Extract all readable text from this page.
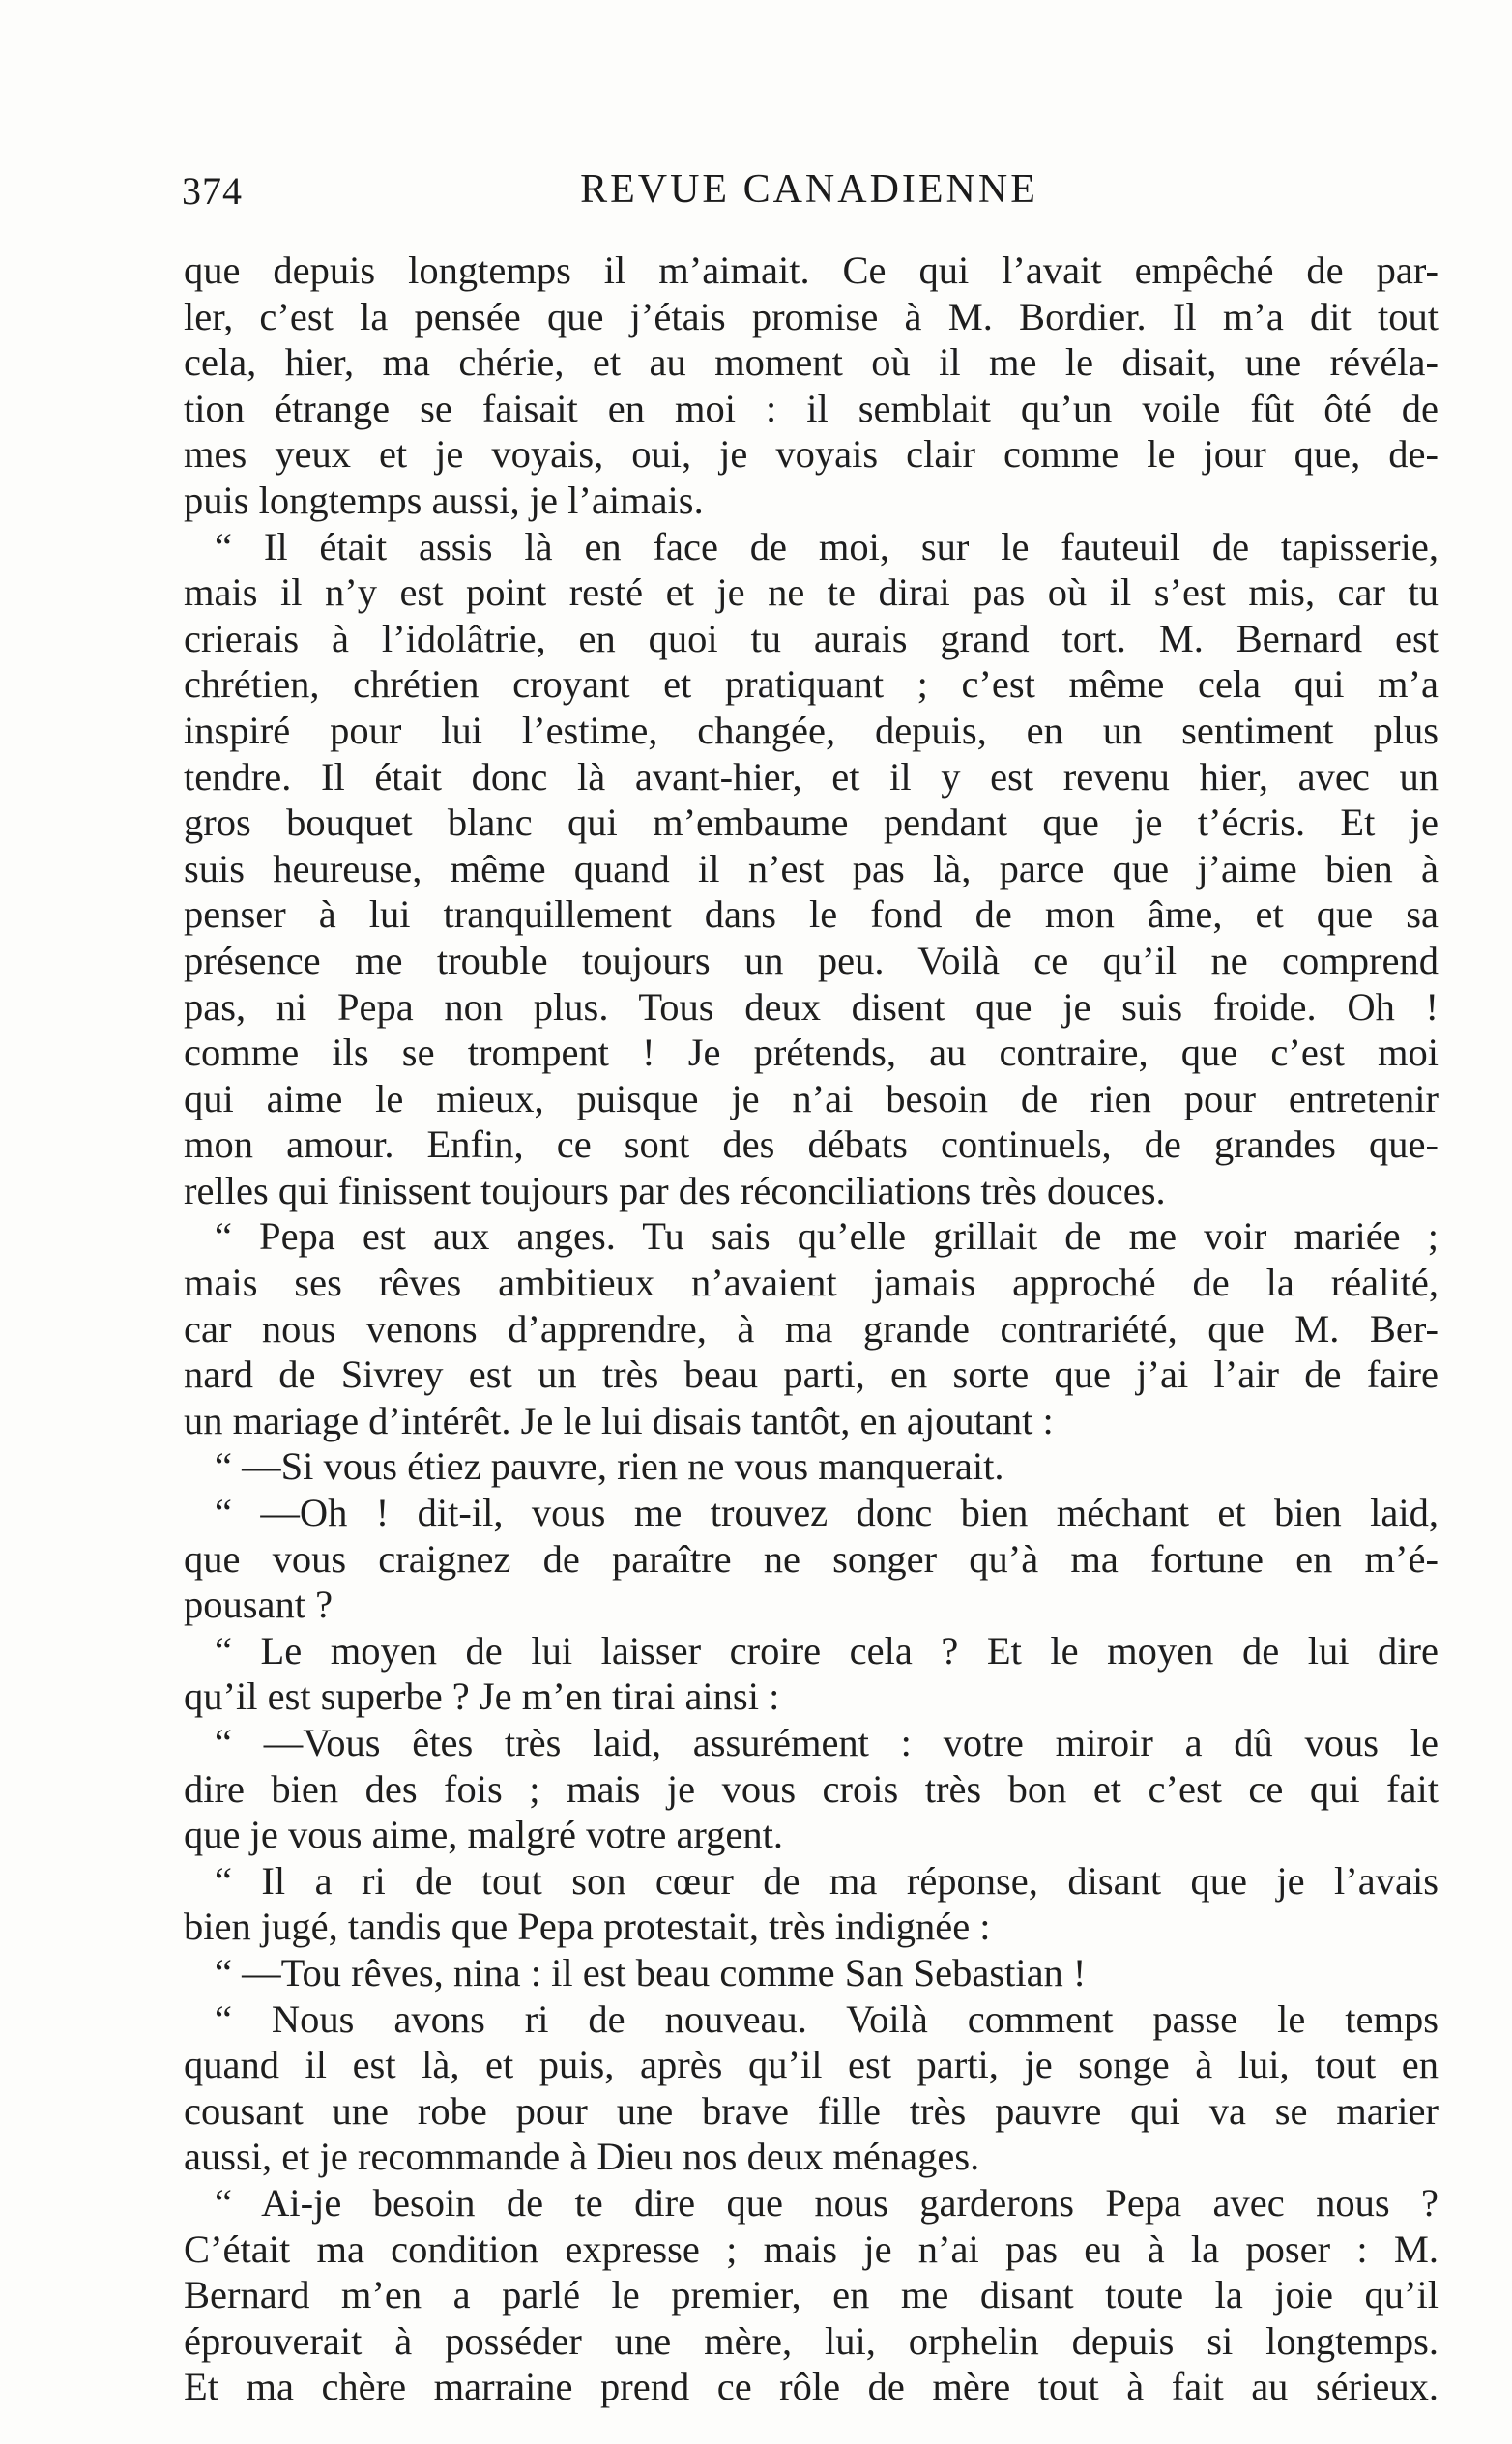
374	REVUE CANADIENNE
que depuis longtemps il m’aimait. Ce qui l’avait empêché de par-
ler, c’est la pensée que j’étais promise à M. Bordier. Il m’a dit tout
cela, hier, ma chérie, et au moment où il me le disait, une révéla-
tion étrange se faisait en moi : il semblait qu’un voile fût ôté de
mes yeux et je voyais, oui, je voyais clair comme le jour que, de-
puis longtemps aussi, je l’aimais.
“ Il était assis là en face de moi, sur le fauteuil de tapisserie,
mais il n’y est point resté et je ne te dirai pas où il s’est mis, car tu
crierais à l’idolâtrie, en quoi tu aurais grand tort. M. Bernard est
chrétien, chrétien croyant et pratiquant ; c’est même cela qui m’a
inspiré pour lui l’estime, changée, depuis, en un sentiment plus
tendre. Il était donc là avant-hier, et il y est revenu hier, avec un
gros bouquet blanc qui m’embaume pendant que je t’écris. Et je
suis heureuse, même quand il n’est pas là, parce que j’aime bien à
penser à lui tranquillement dans le fond de mon âme, et que sa
présence me trouble toujours un peu. Voilà ce qu’il ne comprend
pas, ni Pepa non plus. Tous deux disent que je suis froide. Oh !
comme ils se trompent ! Je prétends, au contraire, que c’est moi
qui aime le mieux, puisque je n’ai besoin de rien pour entretenir
mon amour. Enfin, ce sont des débats continuels, de grandes que-
relles qui finissent toujours par des réconciliations très douces.
“ Pepa est aux anges. Tu sais qu’elle grillait de me voir mariée ;
mais ses rêves ambitieux n’avaient jamais approché de la réalité,
car nous venons d’apprendre, à ma grande contrariété, que M. Ber-
nard de Sivrey est un très beau parti, en sorte que j’ai l’air de faire
un mariage d’intérêt. Je le lui disais tantôt, en ajoutant :
“ —Si vous étiez pauvre, rien ne vous manquerait.
“ —Oh ! dit-il, vous me trouvez donc bien méchant et bien laid,
que vous craignez de paraître ne songer qu’à ma fortune en m’é-
pousant ?
“ Le moyen de lui laisser croire cela ? Et le moyen de lui dire
qu’il est superbe ? Je m’en tirai ainsi :
“ —Vous êtes très laid, assurément : votre miroir a dû vous le
dire bien des fois ; mais je vous crois très bon et c’est ce qui fait
que je vous aime, malgré votre argent.
“ Il a ri de tout son cœur de ma réponse, disant que je l’avais
bien jugé, tandis que Pepa protestait, très indignée :
“ —Tou rêves, nina : il est beau comme San Sebastian !
“ Nous avons ri de nouveau. Voilà comment passe le temps
quand il est là, et puis, après qu’il est parti, je songe à lui, tout en
cousant une robe pour une brave fille très pauvre qui va se marier
aussi, et je recommande à Dieu nos deux ménages.
“ Ai-je besoin de te dire que nous garderons Pepa avec nous ?
C’était ma condition expresse ; mais je n’ai pas eu à la poser : M.
Bernard m’en a parlé le premier, en me disant toute la joie qu’il
éprouverait à posséder une mère, lui, orphelin depuis si longtemps.
Et ma chère marraine prend ce rôle de mère tout à fait au sérieux.
